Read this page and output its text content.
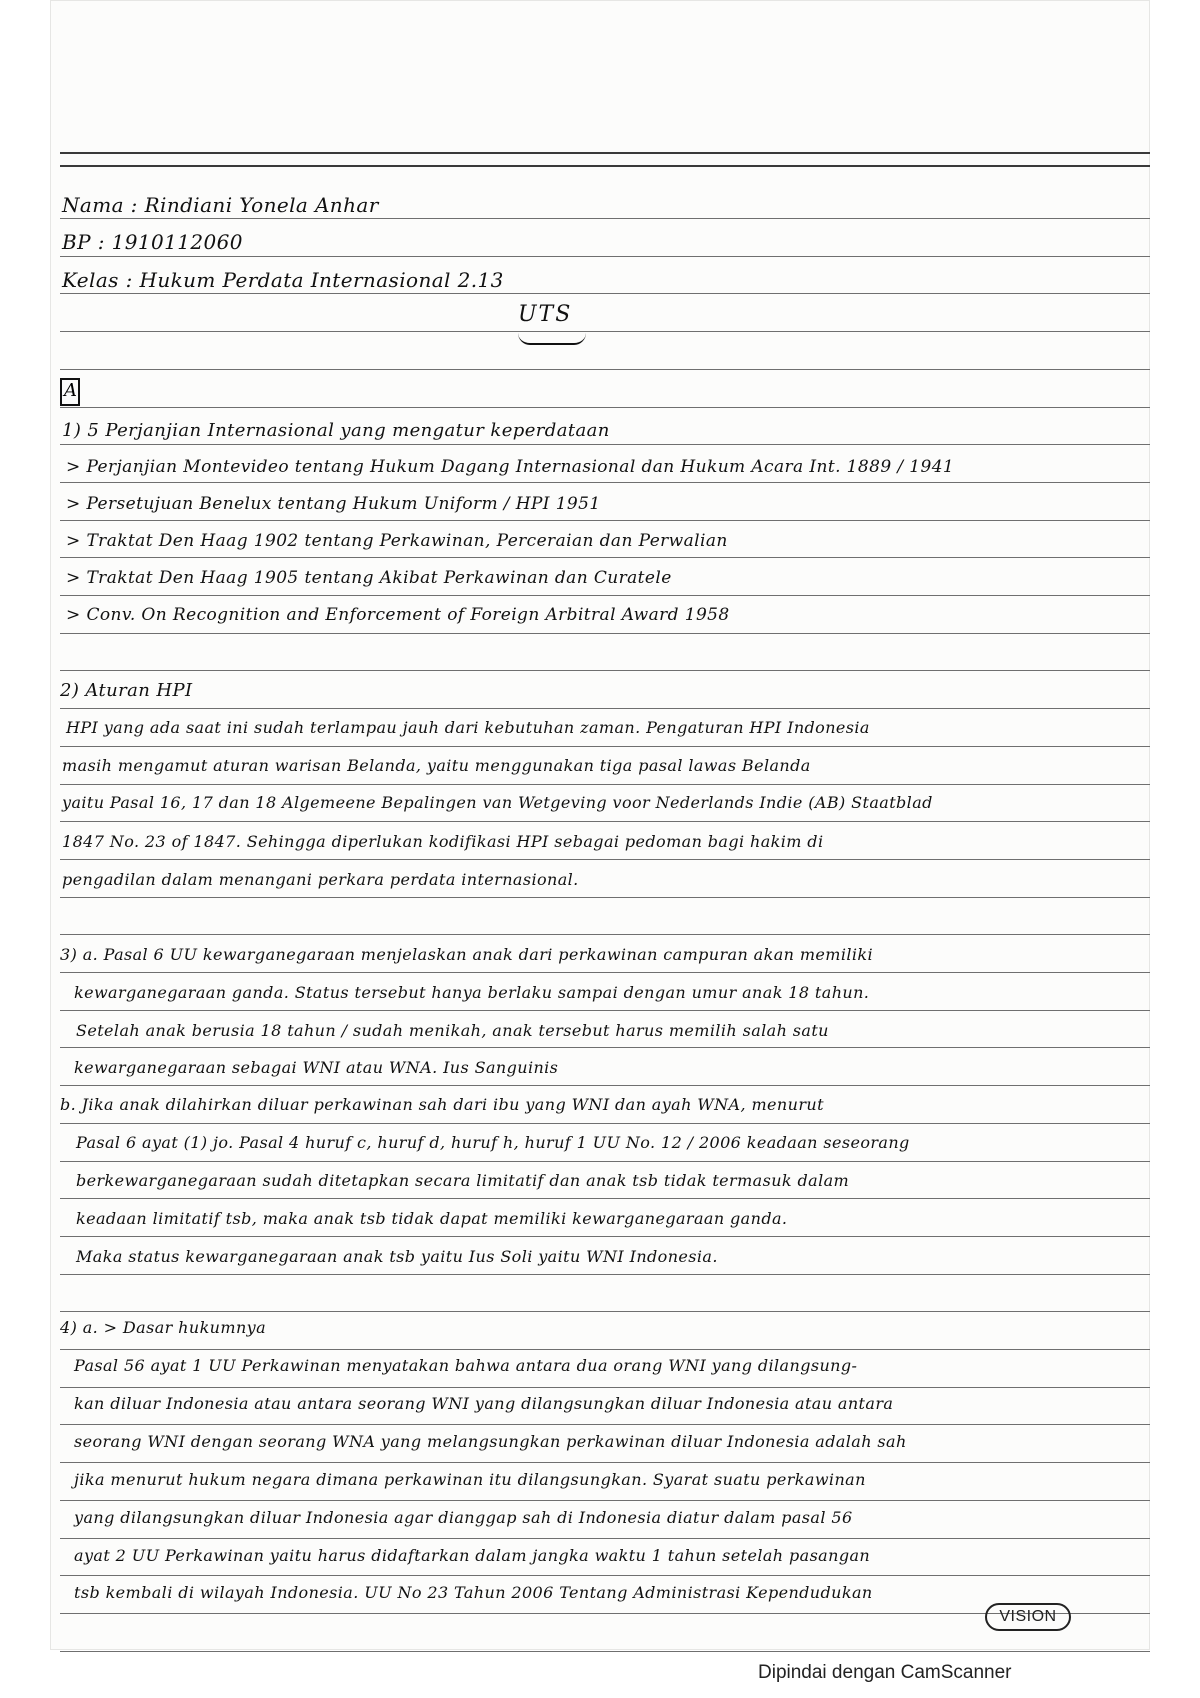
Nama : Rindiani Yonela Anhar
BP : 1910112060
Kelas : Hukum Perdata Internasional 2.13
UTS
A
1) 5 Perjanjian Internasional yang mengatur keperdataan
> Perjanjian Montevideo tentang Hukum Dagang Internasional dan Hukum Acara Int. 1889 / 1941
> Persetujuan Benelux tentang Hukum Uniform / HPI 1951
> Traktat Den Haag 1902 tentang Perkawinan, Perceraian dan Perwalian
> Traktat Den Haag 1905 tentang Akibat Perkawinan dan Curatele
> Conv. On Recognition and Enforcement of Foreign Arbitral Award 1958
2) Aturan HPI
HPI yang ada saat ini sudah terlampau jauh dari kebutuhan zaman. Pengaturan HPI Indonesia
masih mengamut aturan warisan Belanda, yaitu menggunakan tiga pasal lawas Belanda
yaitu Pasal 16, 17 dan 18 Algemeene Bepalingen van Wetgeving voor Nederlands Indie (AB) Staatblad
1847 No. 23 of 1847. Sehingga diperlukan kodifikasi HPI sebagai pedoman bagi hakim di
pengadilan dalam menangani perkara perdata internasional.
3) a. Pasal 6 UU kewarganegaraan menjelaskan anak dari perkawinan campuran akan memiliki
kewarganegaraan ganda. Status tersebut hanya berlaku sampai dengan umur anak 18 tahun.
Setelah anak berusia 18 tahun / sudah menikah, anak tersebut harus memilih salah satu
kewarganegaraan sebagai WNI atau WNA. Ius Sanguinis
b. Jika anak dilahirkan diluar perkawinan sah dari ibu yang WNI dan ayah WNA, menurut
Pasal 6 ayat (1) jo. Pasal 4 huruf c, huruf d, huruf h, huruf 1 UU No. 12 / 2006 keadaan seseorang
berkewarganegaraan sudah ditetapkan secara limitatif dan anak tsb tidak termasuk dalam
keadaan limitatif tsb, maka anak tsb tidak dapat memiliki kewarganegaraan ganda.
Maka status kewarganegaraan anak tsb yaitu Ius Soli yaitu WNI Indonesia.
4) a. > Dasar hukumnya
Pasal 56 ayat 1 UU Perkawinan menyatakan bahwa antara dua orang WNI yang dilangsung-
kan diluar Indonesia atau antara seorang WNI yang dilangsungkan diluar Indonesia atau antara
seorang WNI dengan seorang WNA yang melangsungkan perkawinan diluar Indonesia adalah sah
jika menurut hukum negara dimana perkawinan itu dilangsungkan. Syarat suatu perkawinan
yang dilangsungkan diluar Indonesia agar dianggap sah di Indonesia diatur dalam pasal 56
ayat 2 UU Perkawinan yaitu harus didaftarkan dalam jangka waktu 1 tahun setelah pasangan
tsb kembali di wilayah Indonesia. UU No 23 Tahun 2006 Tentang Administrasi Kependudukan
VISION
Dipindai dengan CamScanner
